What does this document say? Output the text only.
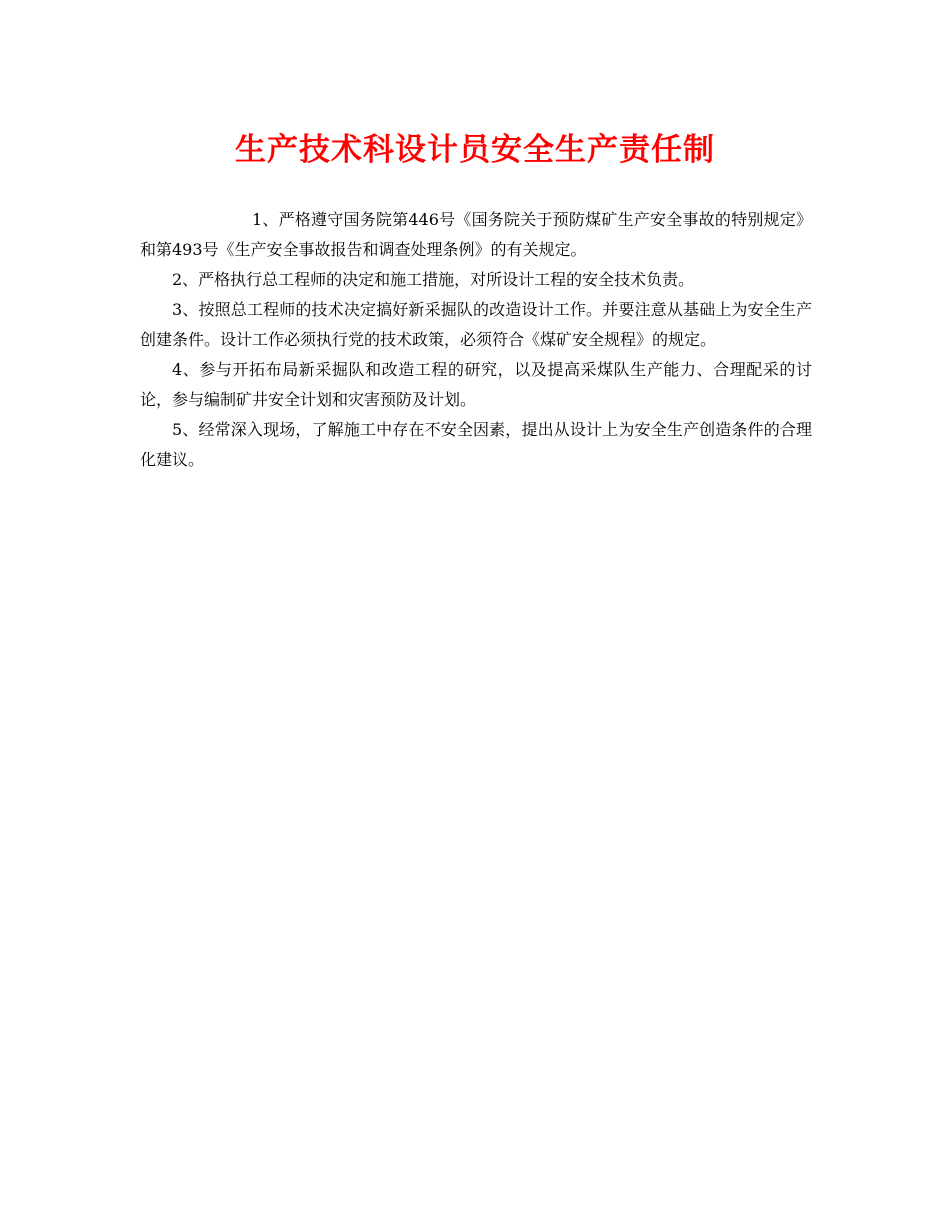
生产技术科设计员安全生产责任制

1、严格遵守国务院第446号《国务院关于预防煤矿生产安全事故的特别规定》和第493号《生产安全事故报告和调查处理条例》的有关规定。

2、严格执行总工程师的决定和施工措施，对所设计工程的安全技术负责。

3、按照总工程师的技术决定搞好新采掘队的改造设计工作。并要注意从基础上为安全生产创建条件。设计工作必须执行党的技术政策，必须符合《煤矿安全规程》的规定。

4、参与开拓布局新采掘队和改造工程的研究，以及提高采煤队生产能力、合理配采的讨论，参与编制矿井安全计划和灾害预防及计划。

5、经常深入现场，了解施工中存在不安全因素，提出从设计上为安全生产创造条件的合理化建议。
